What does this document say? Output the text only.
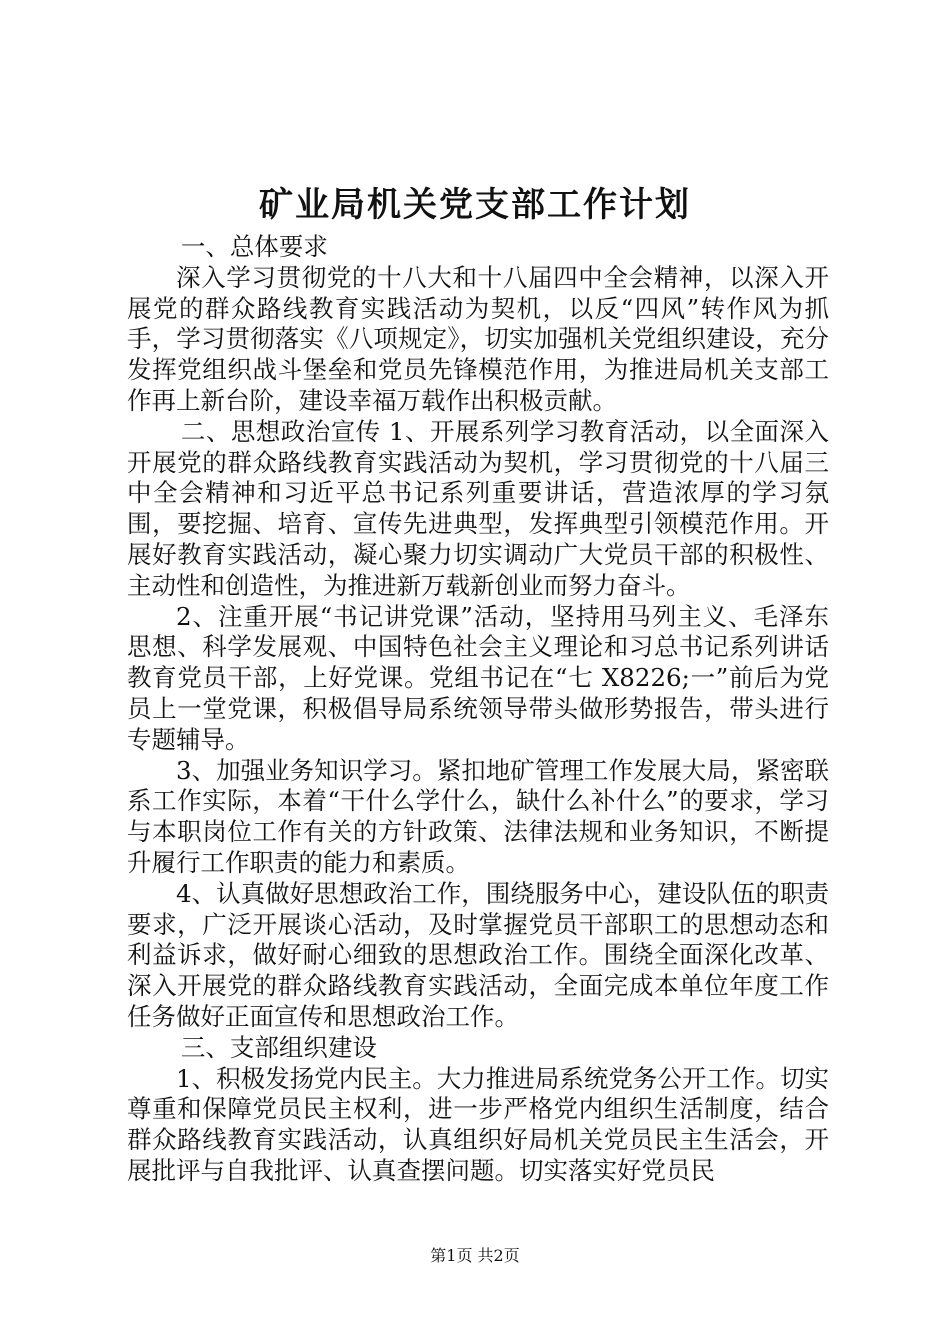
矿业局机关党支部工作计划

一、总体要求

深入学习贯彻党的十八大和十八届四中全会精神，以深入开展党的群众路线教育实践活动为契机，以反“四风”转作风为抓手，学习贯彻落实《八项规定》，切实加强机关党组织建设，充分发挥党组织战斗堡垒和党员先锋模范作用，为推进局机关支部工作再上新台阶，建设幸福万载作出积极贡献。

二、思想政治宣传 1、开展系列学习教育活动，以全面深入开展党的群众路线教育实践活动为契机，学习贯彻党的十八届三中全会精神和习近平总书记系列重要讲话，营造浓厚的学习氛围，要挖掘、培育、宣传先进典型，发挥典型引领模范作用。开展好教育实践活动，凝心聚力切实调动广大党员干部的积极性、主动性和创造性，为推进新万载新创业而努力奋斗。

2、注重开展“书记讲党课”活动，坚持用马列主义、毛泽东思想、科学发展观、中国特色社会主义理论和习总书记系列讲话教育党员干部，上好党课。党组书记在“七 X8226;一”前后为党员上一堂党课，积极倡导局系统领导带头做形势报告，带头进行专题辅导。

3、加强业务知识学习。紧扣地矿管理工作发展大局，紧密联系工作实际，本着“干什么学什么，缺什么补什么”的要求，学习与本职岗位工作有关的方针政策、法律法规和业务知识，不断提升履行工作职责的能力和素质。

4、认真做好思想政治工作，围绕服务中心，建设队伍的职责要求，广泛开展谈心活动，及时掌握党员干部职工的思想动态和利益诉求，做好耐心细致的思想政治工作。围绕全面深化改革、深入开展党的群众路线教育实践活动，全面完成本单位年度工作任务做好正面宣传和思想政治工作。

三、支部组织建设

1、积极发扬党内民主。大力推进局系统党务公开工作。切实尊重和保障党员民主权利，进一步严格党内组织生活制度，结合群众路线教育实践活动，认真组织好局机关党员民主生活会，开展批评与自我批评、认真查摆问题。切实落实好党员民

第1页 共2页
